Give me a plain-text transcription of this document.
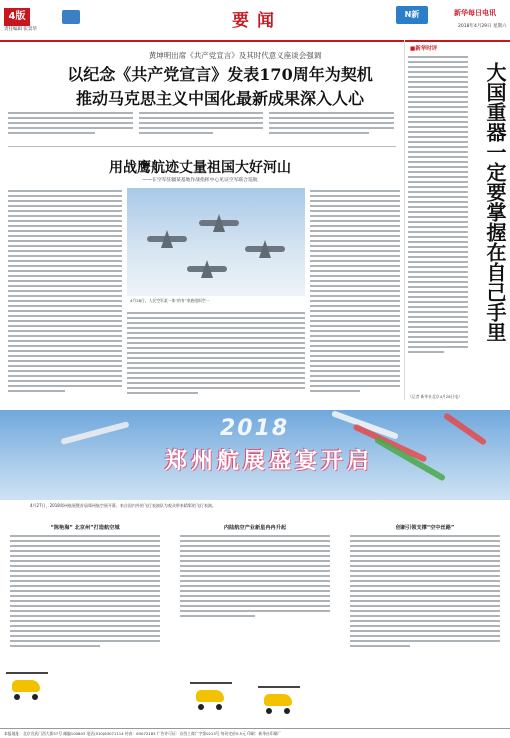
4版
责任编辑 张景华	要闻	N新	新华每日电讯
2018年4月29日 星期六
黄坤明出席《共产党宣言》及其时代意义座谈会强调
以纪念《共产党宣言》发表170周年为契机
推动马克思主义中国化最新成果深入人心
■新华时评
大国重器一定要掌握在自己手里
（记者 新华社北京4月28日电）
用战鹰航迹丈量祖国大好河山
——在空军驻疆某基地作战指挥中心见证空军联合巡航
4月28日，人民空军某一体”的有”家族组织空一
2018
郑州航展盛宴开启
4月27日，2018郑州航展暨首届郑州航空展开幕，来自国内外的飞行表演队为观众带来精彩的飞行表演。
“陈艳海” 北京州”打造航空城	内陆航空产业新星冉冉升起	创新引领支撑“空中丝路”
本报地址：北京宣武门西大街57号 邮编100803 电话(010)63071114 传真：63072183 广告许可证：京西工商广字第0213号 每份定价0.5元 印刷：新华社印刷厂
